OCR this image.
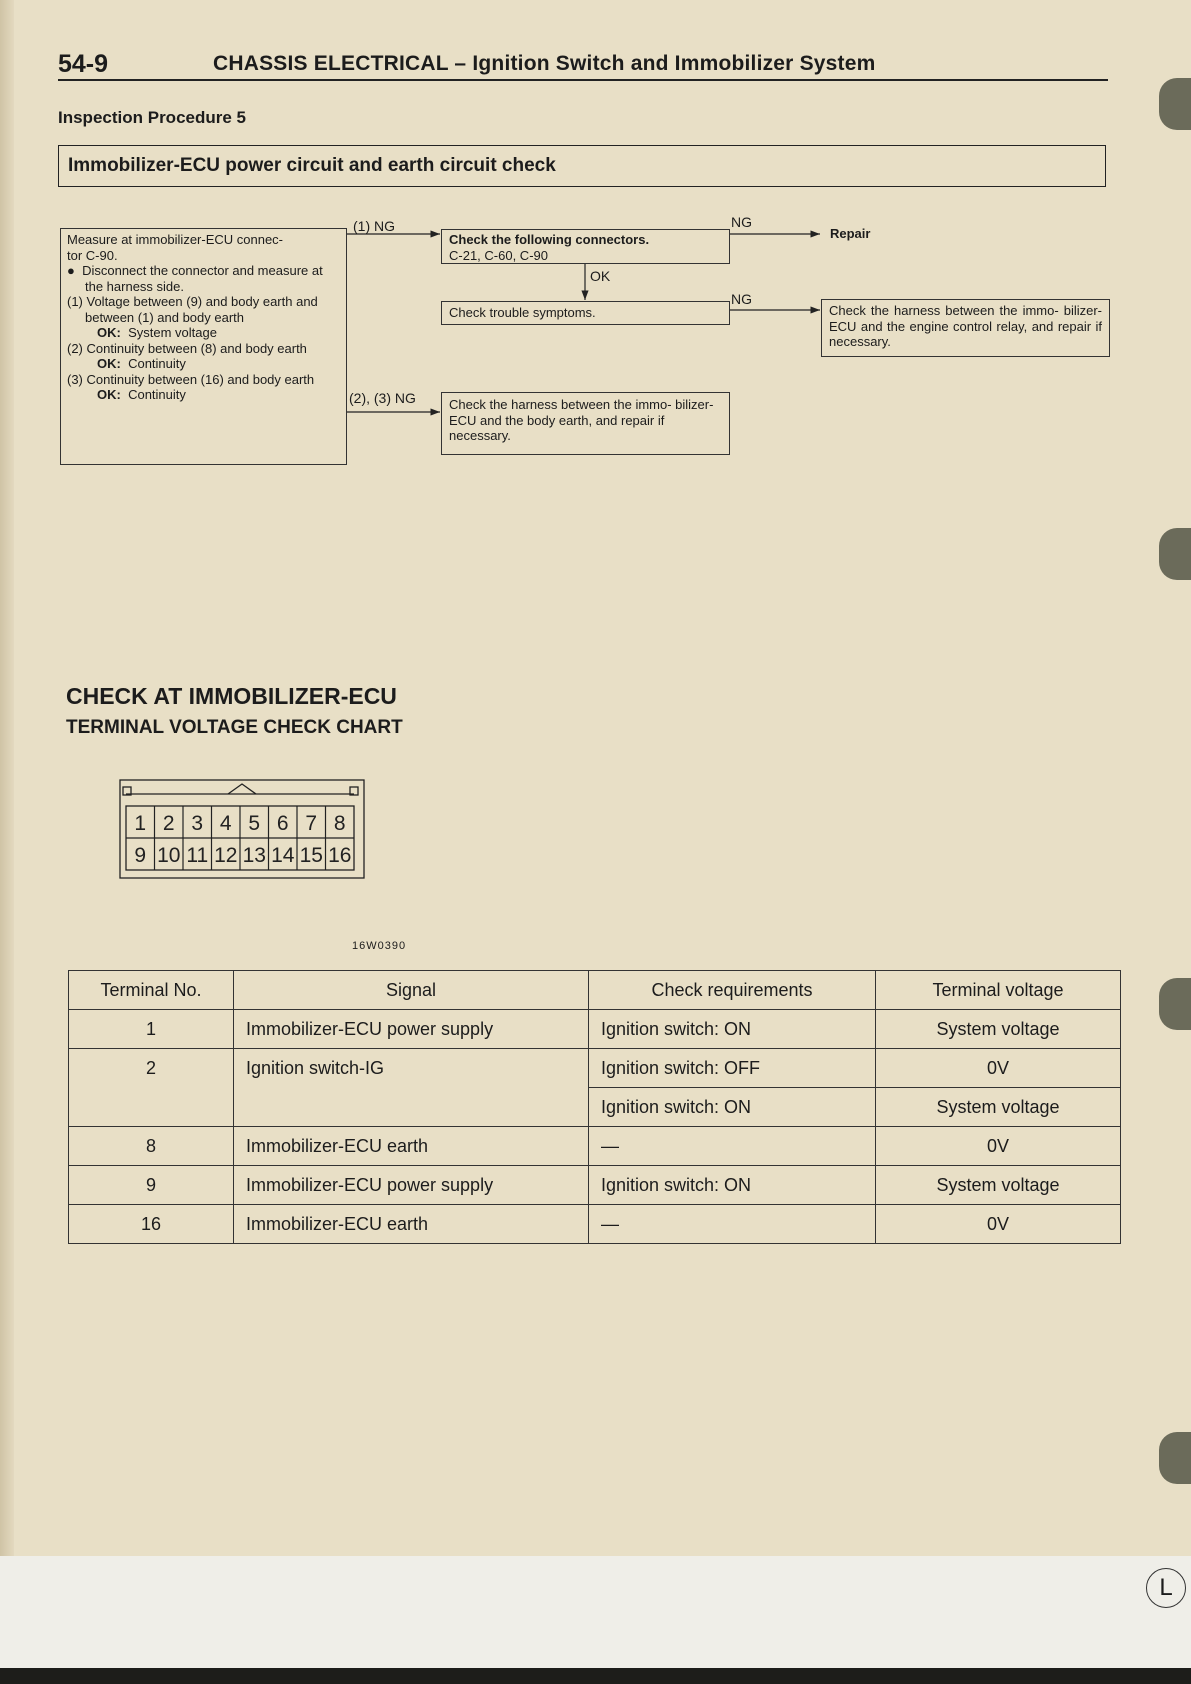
54-9	CHASSIS ELECTRICAL – Ignition Switch and Immobilizer System
Inspection Procedure 5
Immobilizer-ECU power circuit and earth circuit check

Measure at immobilizer-ECU connec-

tor C-90.

●  Disconnect the connector and measure at the harness side.

(1) Voltage between (9) and body earth and between (1) and body earth

OK: System voltage

(2) Continuity between (8) and body earth

OK: Continuity

(3) Continuity between (16) and body earth

OK: Continuity

(1) NG
(2), (3) NG
NG
OK
NG
Check the following connectors.
C-21, C-60, C-90
Repair
Check trouble symptoms.
Check the harness between the immo- bilizer-ECU and the body earth, and repair if necessary.
Check the harness between the immo- bilizer-ECU and the engine control relay, and repair if necessary.
CHECK AT IMMOBILIZER-ECU
TERMINAL VOLTAGE CHECK CHART
1 2 3 4 5 6 7 8
9 10 11 12 13 14 15 16
16W0390
Terminal No.	Signal	Check requirements	Terminal voltage
1	Immobilizer-ECU power supply	Ignition switch: ON	System voltage
2	Ignition switch-IG	Ignition switch: OFF	0V
		Ignition switch: ON	System voltage
8	Immobilizer-ECU earth	—	0V
9	Immobilizer-ECU power supply	Ignition switch: ON	System voltage
16	Immobilizer-ECU earth	—	0V
L
